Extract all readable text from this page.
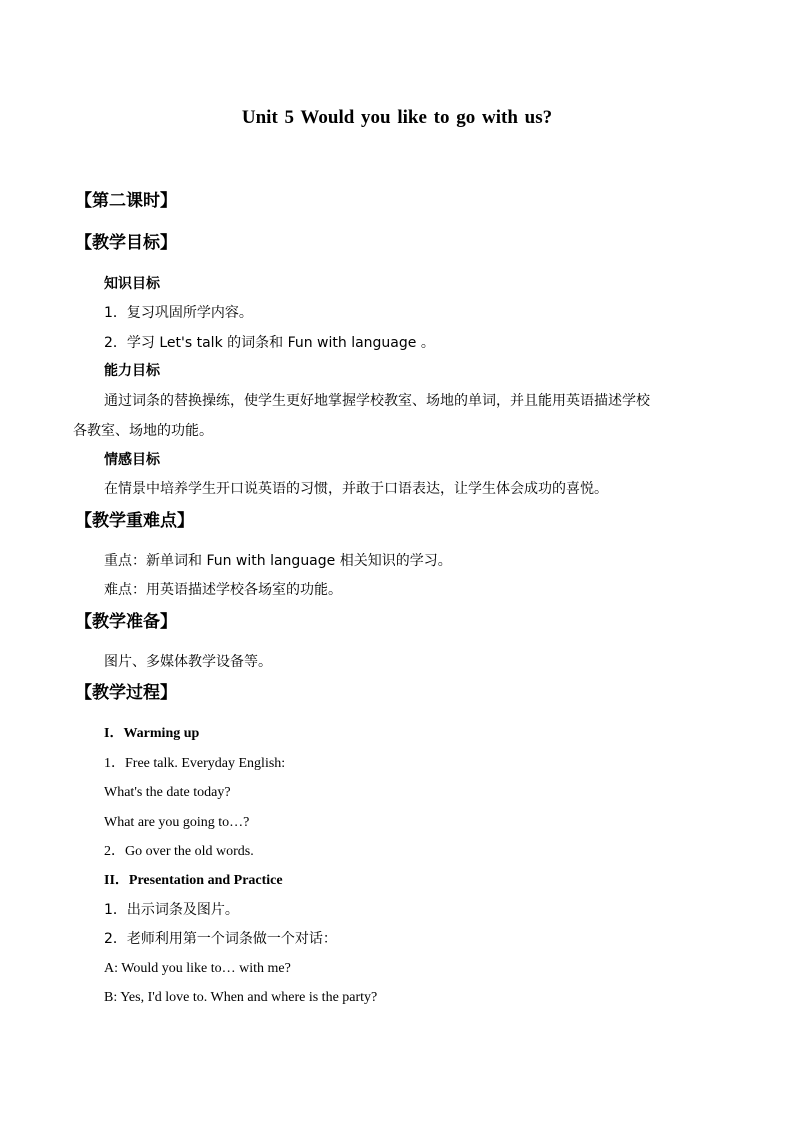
Unit 5 Would you like to go with us?
【第二课时】
【教学目标】
知识目标
1．复习巩固所学内容。
2．学习 Let's talk 的词条和 Fun with language 。
能力目标
通过词条的替换操练，使学生更好地掌握学校教室、场地的单词，并且能用英语描述学校
各教室、场地的功能。
情感目标
在情景中培养学生开口说英语的习惯，并敢于口语表达，让学生体会成功的喜悦。
【教学重难点】
重点：新单词和 Fun with language 相关知识的学习。
难点：用英语描述学校各场室的功能。
【教学准备】
图片、多媒体教学设备等。
【教学过程】
I．Warming up
1．Free talk. Everyday English:
What's the date today?
What are you going to…?
2．Go over the old words.
II．Presentation and Practice
1．出示词条及图片。
2．老师利用第一个词条做一个对话：
A: Would you like to… with me?
B: Yes, I'd love to. When and where is the party?
